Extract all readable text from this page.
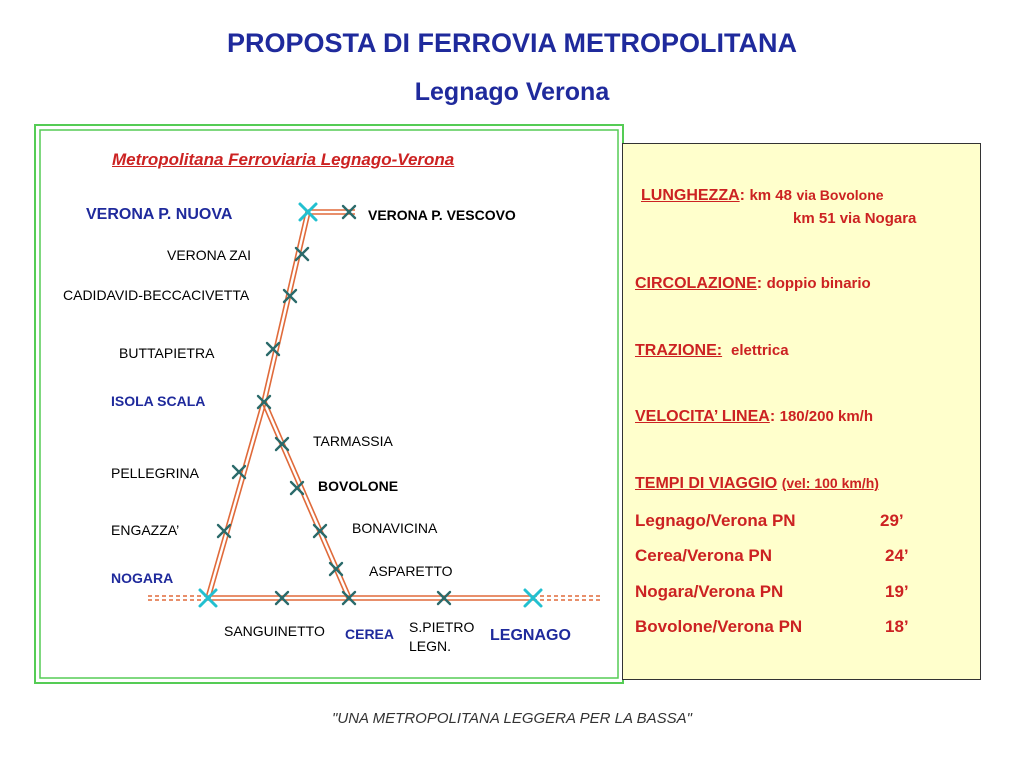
PROPOSTA DI FERROVIA METROPOLITANA
Legnago Verona
Metropolitana Ferroviaria Legnago-Verona
VERONA P. NUOVA	VERONA P. VESCOVO
VERONA ZAI
CADIDAVID-BECCACIVETTA
BUTTAPIETRA
ISOLA SCALA
TARMASSIA
PELLEGRINA
BOVOLONE
ENGAZZA’	BONAVICINA
ASPARETTO
NOGARA
SANGUINETTO CEREA S.PIETRO
LEGN.
LEGNAGO
LUNGHEZZA: km 48 via Bovolone
km 51 via Nogara
CIRCOLAZIONE: doppio binario
TRAZIONE: elettrica
VELOCITA’ LINEA: 180/200 km/h
TEMPI DI VIAGGIO (vel: 100 km/h)
Legnago/Verona PN	29’
Cerea/Verona PN	24’
Nogara/Verona PN	19’
Bovolone/Verona PN	18’
"UNA METROPOLITANA LEGGERA PER LA BASSA"
